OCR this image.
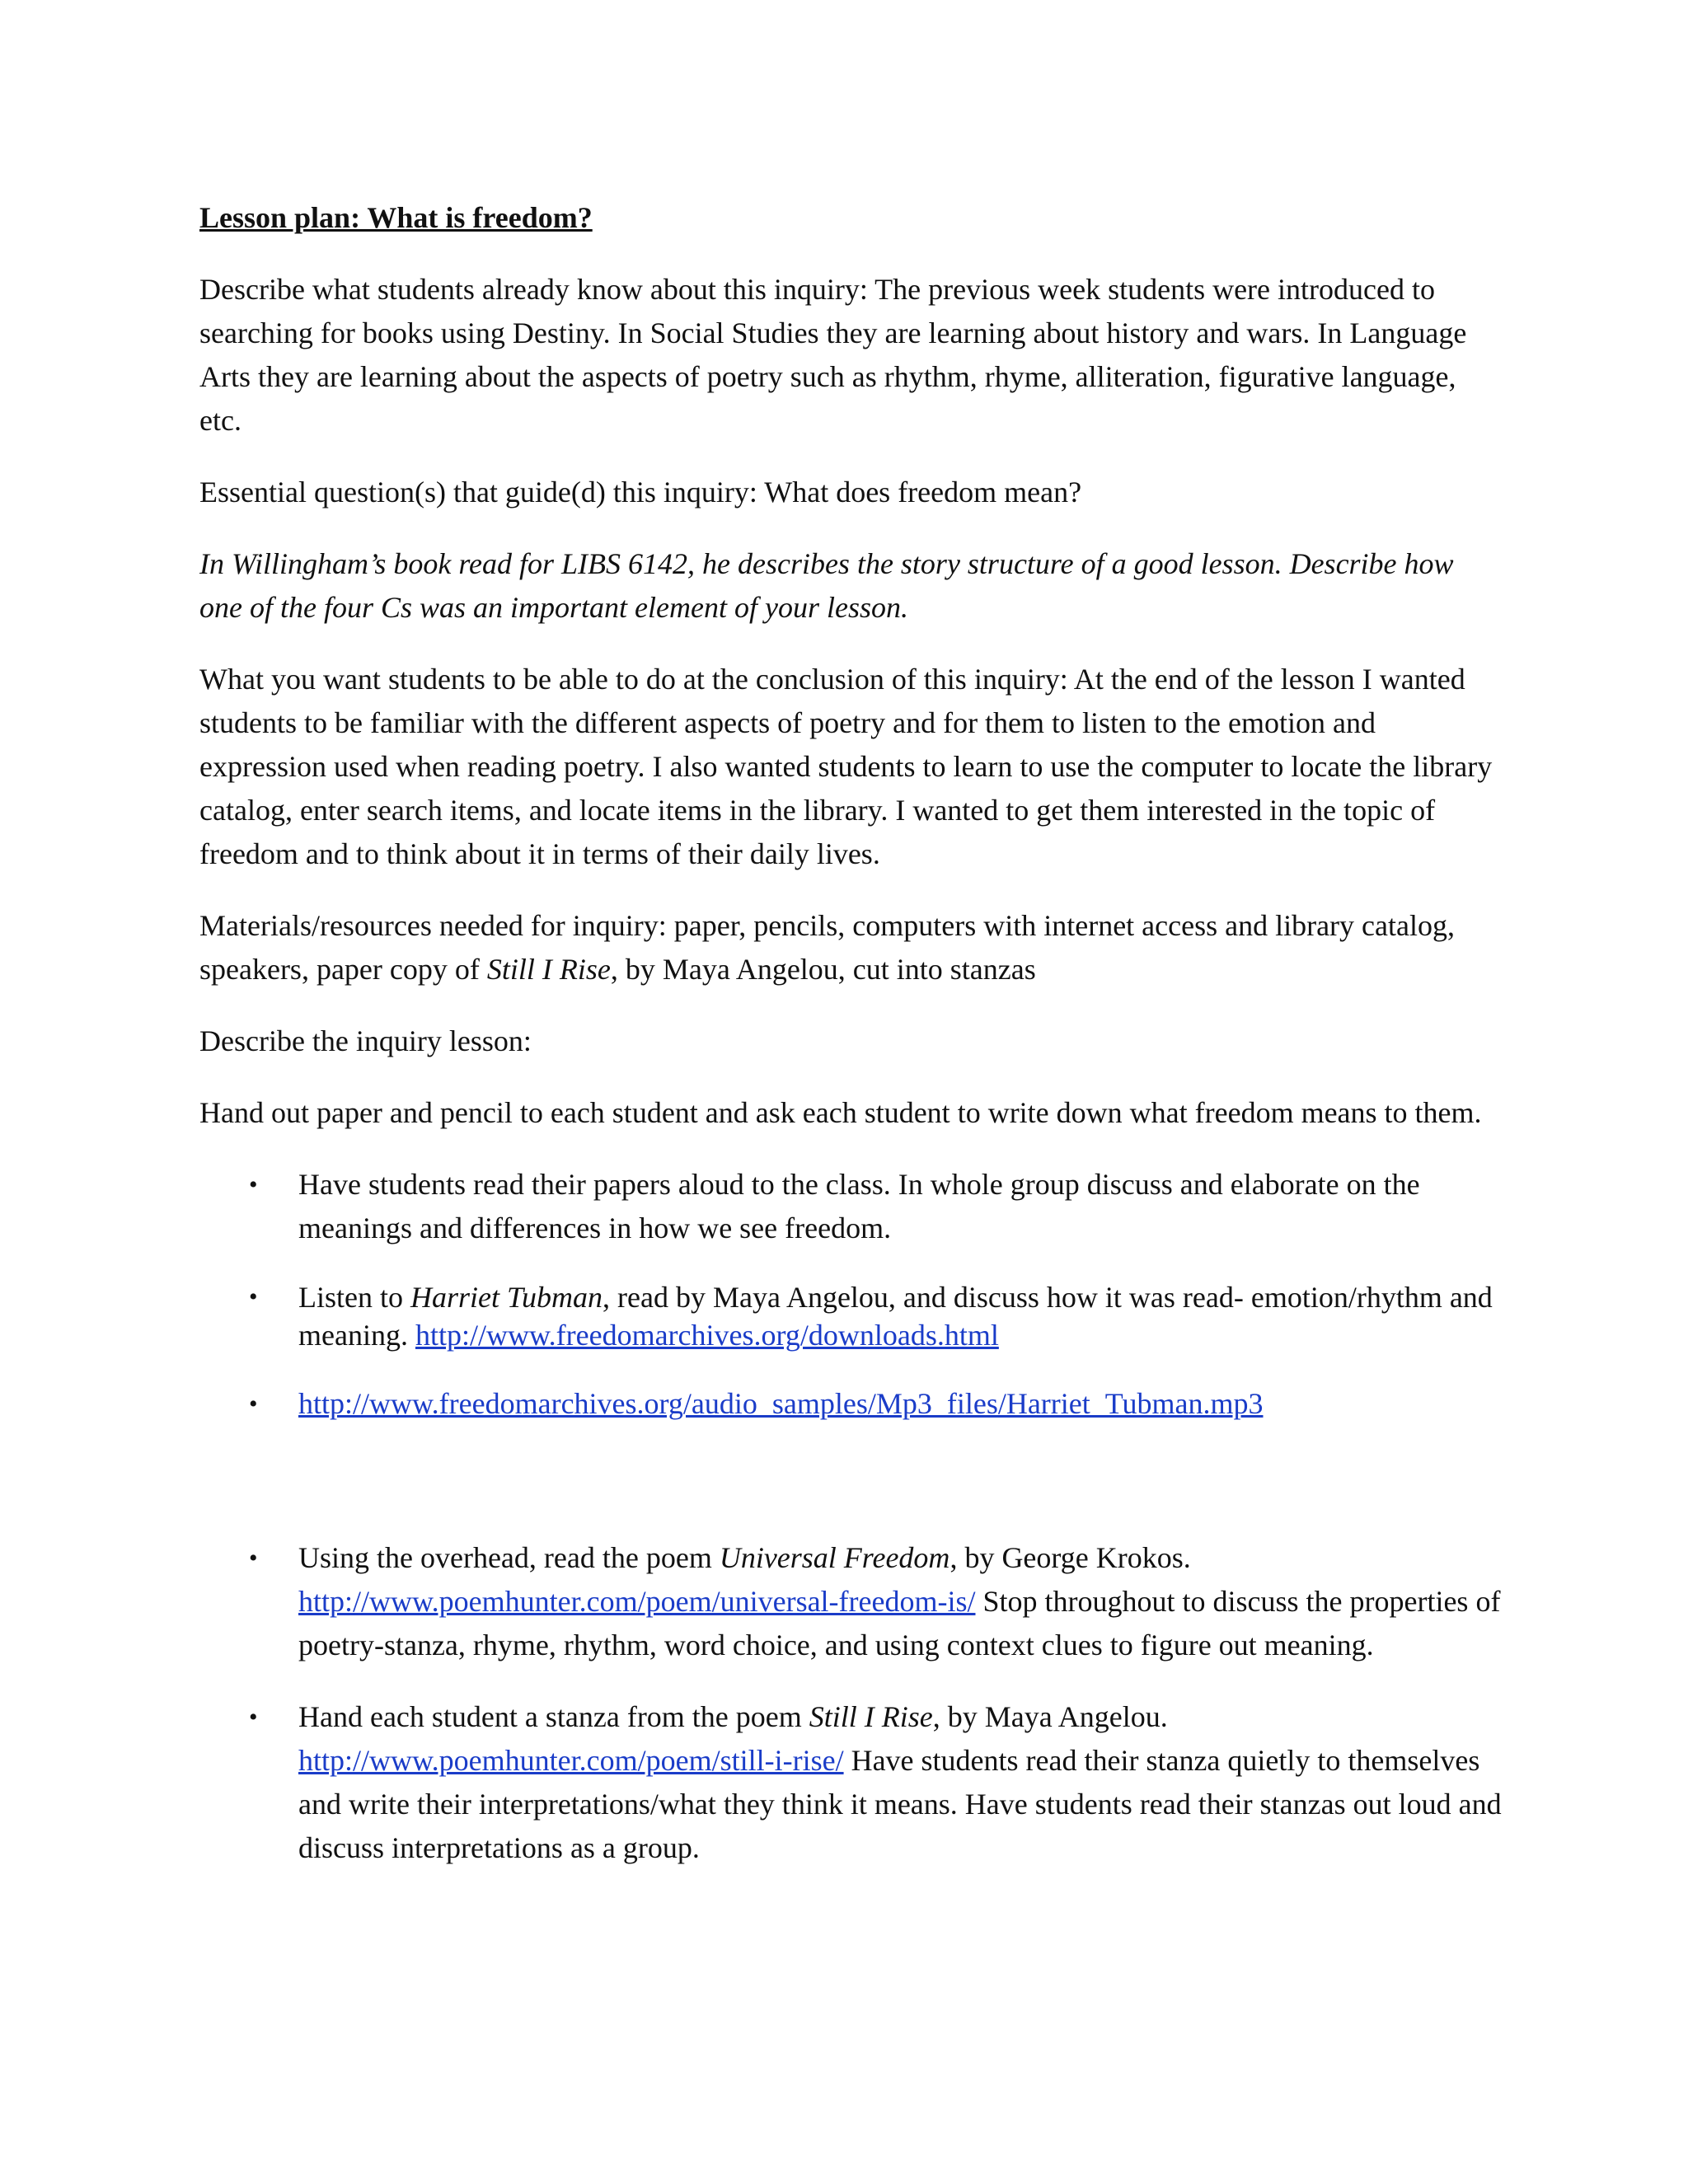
Lesson plan: What is freedom?

Describe what students already know about this inquiry: The previous week students were introduced to searching for books using Destiny. In Social Studies they are learning about history and wars. In Language Arts they are learning about the aspects of poetry such as rhythm, rhyme, alliteration, figurative language, etc.

Essential question(s) that guide(d) this inquiry: What does freedom mean?

In Willingham’s book read for LIBS 6142, he describes the story structure of a good lesson. Describe how one of the four Cs was an important element of your lesson.

What you want students to be able to do at the conclusion of this inquiry: At the end of the lesson I wanted students to be familiar with the different aspects of poetry and for them to listen to the emotion and expression used when reading poetry. I also wanted students to learn to use the computer to locate the library catalog, enter search items, and locate items in the library. I wanted to get them interested in the topic of freedom and to think about it in terms of their daily lives.

Materials/resources needed for inquiry: paper, pencils, computers with internet access and library catalog, speakers, paper copy of Still I Rise, by Maya Angelou, cut into stanzas

Describe the inquiry lesson:

Hand out paper and pencil to each student and ask each student to write down what freedom means to them.

• Have students read their papers aloud to the class. In whole group discuss and elaborate on the meanings and differences in how we see freedom.
• Listen to Harriet Tubman, read by Maya Angelou, and discuss how it was read- emotion/rhythm and meaning. http://www.freedomarchives.org/downloads.html
• http://www.freedomarchives.org/audio_samples/Mp3_files/Harriet_Tubman.mp3
• Using the overhead, read the poem Universal Freedom, by George Krokos. http://www.poemhunter.com/poem/universal-freedom-is/ Stop throughout to discuss the properties of poetry-stanza, rhyme, rhythm, word choice, and using context clues to figure out meaning.
• Hand each student a stanza from the poem Still I Rise, by Maya Angelou. http://www.poemhunter.com/poem/still-i-rise/ Have students read their stanza quietly to themselves and write their interpretations/what they think it means. Have students read their stanzas out loud and discuss interpretations as a group.
